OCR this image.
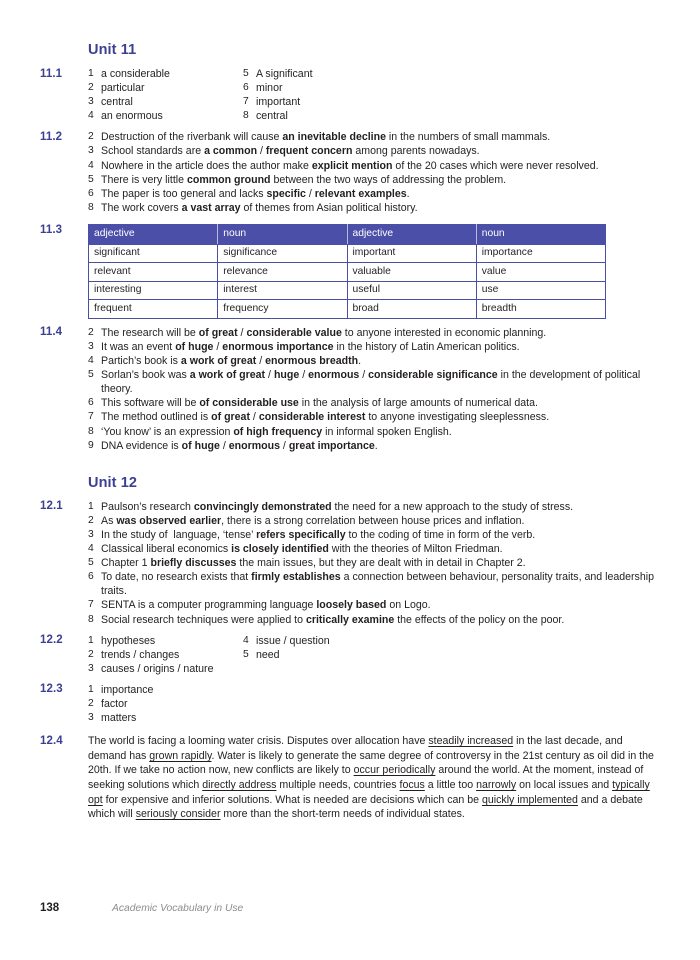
Unit 11
11.1	1 a considerable
2 particular
3 central
4 an enormous
5 A significant
6 minor
7 important
8 central
11.2	2 Destruction of the riverbank will cause an inevitable decline in the numbers of small mammals.
3 School standards are a common / frequent concern among parents nowadays.
4 Nowhere in the article does the author make explicit mention of the 20 cases which were never resolved.
5 There is very little common ground between the two ways of addressing the problem.
6 The paper is too general and lacks specific / relevant examples.
8 The work covers a vast array of themes from Asian political history.
11.3	adjective	noun	adjective	noun
significant	significance	important	importance
relevant	relevance	valuable	value
interesting	interest	useful	use
frequent	frequency	broad	breadth
11.4	2 The research will be of great / considerable value to anyone interested in economic planning.
3 It was an event of huge / enormous importance in the history of Latin American politics.
4 Partich’s book is a work of great / enormous breadth.
5 Sorlan’s book was a work of great / huge / enormous / considerable significance in the development of political theory.
6 This software will be of considerable use in the analysis of large amounts of numerical data.
7 The method outlined is of great / considerable interest to anyone investigating sleeplessness.
8 ‘You know’ is an expression of high frequency in informal spoken English.
9 DNA evidence is of huge / enormous / great importance.
Unit 12
12.1	1 Paulson’s research convincingly demonstrated the need for a new approach to the study of stress.
2 As was observed earlier, there is a strong correlation between house prices and inflation.
3 In the study of  language, ‘tense’ refers specifically to the coding of time in form of the verb.
4 Classical liberal economics is closely identified with the theories of Milton Friedman.
5 Chapter 1 briefly discusses the main issues, but they are dealt with in detail in Chapter 2.
6 To date, no research exists that firmly establishes a connection between behaviour, personality traits, and leadership traits.
7 SENTA is a computer programming language loosely based on Logo.
8 Social research techniques were applied to critically examine the effects of the policy on the poor.
12.2	1 hypotheses
2 trends / changes
3 causes / origins / nature
4 issue / question
5 need
12.3	1 importance
2 factor
3 matters
12.4	The world is facing a looming water crisis. Disputes over allocation have steadily increased in the last decade, and demand has grown rapidly. Water is likely to generate the same degree of controversy in the 21st century as oil did in the 20th. If we take no action now, new conflicts are likely to occur periodically around the world. At the moment, instead of seeking solutions which directly address multiple needs, countries focus a little too narrowly on local issues and typically opt for expensive and inferior solutions. What is needed are decisions which can be quickly implemented and a debate which will seriously consider more than the short-term needs of individual states.
138	Academic Vocabulary in Use
